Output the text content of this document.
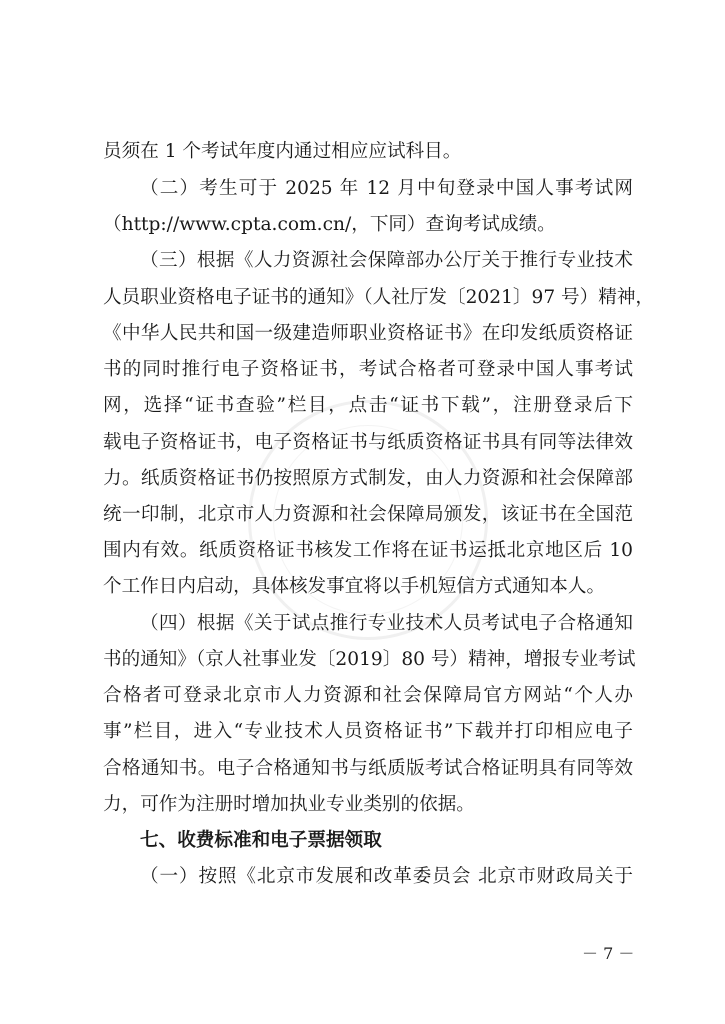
员须在 1 个考试年度内通过相应应试科目。
（二）考生可于 2025 年 12 月中旬登录中国人事考试网
（http://www.cpta.com.cn/，下同）查询考试成绩。
（三）根据《人力资源社会保障部办公厅关于推行专业技术
人员职业资格电子证书的通知》（人社厅发〔2021〕97 号）精神，
《中华人民共和国一级建造师职业资格证书》在印发纸质资格证
书的同时推行电子资格证书，考试合格者可登录中国人事考试
网，选择“证书查验”栏目，点击“证书下载”，注册登录后下
载电子资格证书，电子资格证书与纸质资格证书具有同等法律效
力。纸质资格证书仍按照原方式制发，由人力资源和社会保障部
统一印制，北京市人力资源和社会保障局颁发，该证书在全国范
围内有效。纸质资格证书核发工作将在证书运抵北京地区后 10
个工作日内启动，具体核发事宜将以手机短信方式通知本人。
（四）根据《关于试点推行专业技术人员考试电子合格通知
书的通知》（京人社事业发〔2019〕80 号）精神，增报专业考试
合格者可登录北京市人力资源和社会保障局官方网站“个人办
事”栏目，进入“专业技术人员资格证书”下载并打印相应电子
合格通知书。电子合格通知书与纸质版考试合格证明具有同等效
力，可作为注册时增加执业专业类别的依据。
七、收费标准和电子票据领取
（一）按照《北京市发展和改革委员会 北京市财政局关于
－ 7 －
